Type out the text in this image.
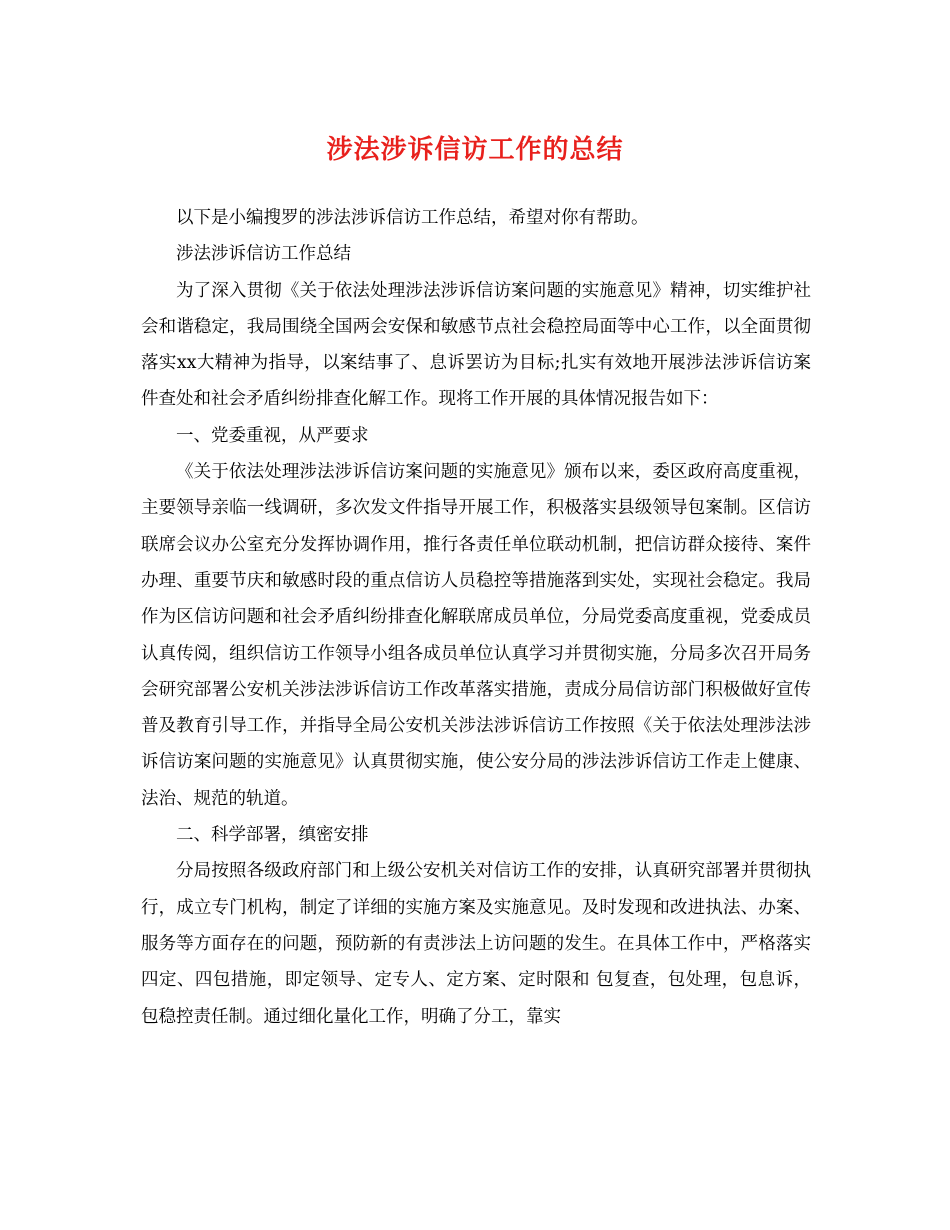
涉法涉诉信访工作的总结

以下是小编搜罗的涉法涉诉信访工作总结，希望对你有帮助。

涉法涉诉信访工作总结

为了深入贯彻《关于依法处理涉法涉诉信访案问题的实施意见》精神，切实维护社会和谐稳定，我局围绕全国两会安保和敏感节点社会稳控局面等中心工作，以全面贯彻落实xx大精神为指导，以案结事了、息诉罢访为目标;扎实有效地开展涉法涉诉信访案件查处和社会矛盾纠纷排查化解工作。现将工作开展的具体情况报告如下：

一、党委重视，从严要求

《关于依法处理涉法涉诉信访案问题的实施意见》颁布以来，委区政府高度重视，主要领导亲临一线调研，多次发文件指导开展工作，积极落实县级领导包案制。区信访联席会议办公室充分发挥协调作用，推行各责任单位联动机制，把信访群众接待、案件办理、重要节庆和敏感时段的重点信访人员稳控等措施落到实处，实现社会稳定。我局作为区信访问题和社会矛盾纠纷排查化解联席成员单位，分局党委高度重视，党委成员认真传阅，组织信访工作领导小组各成员单位认真学习并贯彻实施，分局多次召开局务会研究部署公安机关涉法涉诉信访工作改革落实措施，责成分局信访部门积极做好宣传普及教育引导工作，并指导全局公安机关涉法涉诉信访工作按照《关于依法处理涉法涉诉信访案问题的实施意见》认真贯彻实施，使公安分局的涉法涉诉信访工作走上健康、法治、规范的轨道。

二、科学部署，缜密安排

分局按照各级政府部门和上级公安机关对信访工作的安排，认真研究部署并贯彻执行，成立专门机构，制定了详细的实施方案及实施意见。及时发现和改进执法、办案、服务等方面存在的问题，预防新的有责涉法上访问题的发生。在具体工作中，严格落实四定、四包措施，即定领导、定专人、定方案、定时限和 包复查，包处理，包息诉，包稳控责任制。通过细化量化工作，明确了分工，靠实
